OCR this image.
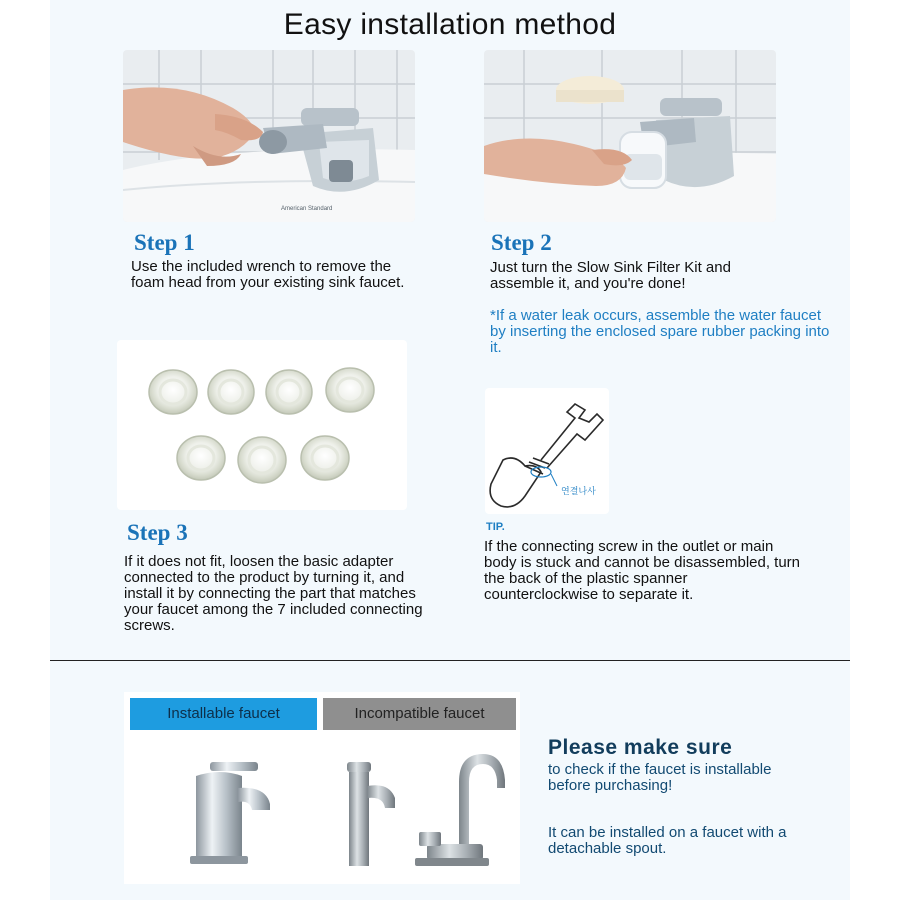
Easy installation method
American Standard
Step 1
Use the included wrench to remove the foam head from your existing sink faucet.
Step 2
Just turn the Slow Sink Filter Kit and assemble it, and you're done!
*If a water leak occurs, assemble the water faucet by inserting the enclosed spare rubber packing into it.
연결나사
Step 3
If it does not fit, loosen the basic adapter connected to the product by turning it, and install it by connecting the part that matches your faucet among the 7 included connecting screws.
TIP.
If the connecting screw in the outlet or main body is stuck and cannot be disassembled, turn the back of the plastic spanner counterclockwise to separate it.
Installable faucet	Incompatible faucet
Please make sure
to check if the faucet is installable before purchasing!
It can be installed on a faucet with a detachable spout.
